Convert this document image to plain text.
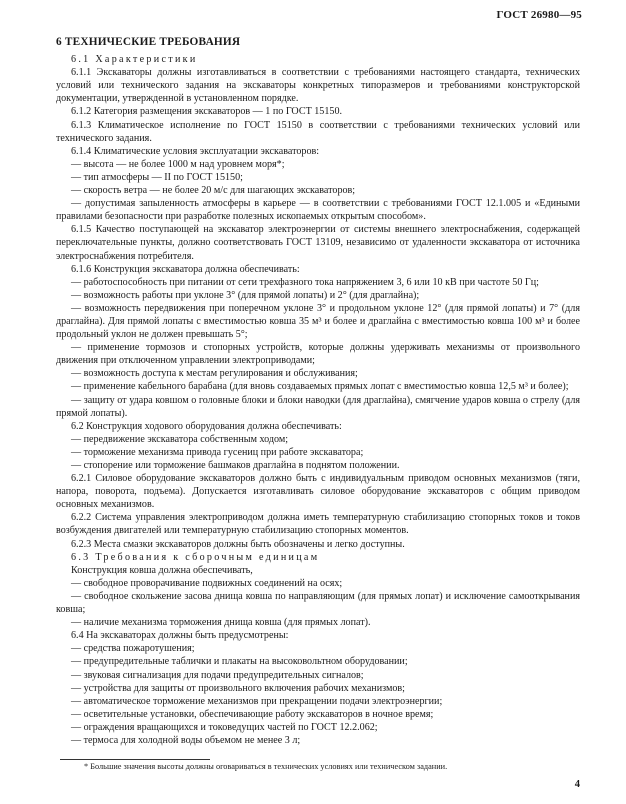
ГОСТ 26980—95
6 ТЕХНИЧЕСКИЕ ТРЕБОВАНИЯ

6.1 Характеристики

6.1.1 Экскаваторы должны изготавливаться в соответствии с требованиями настоящего стандарта, технических условий или технического задания на экскаваторы конкретных типоразмеров и требованиями конструкторской документации, утвержденной в установленном порядке.

6.1.2 Категория размещения экскаваторов — 1 по ГОСТ 15150.

6.1.3 Климатическое исполнение по ГОСТ 15150 в соответствии с требованиями технических условий или технического задания.

6.1.4 Климатические условия эксплуатации экскаваторов:

— высота — не более 1000 м над уровнем моря*;

— тип атмосферы — II по ГОСТ 15150;

— скорость ветра — не более 20 м/с для шагающих экскаваторов;

— допустимая запыленность атмосферы в карьере — в соответствии с требованиями ГОСТ 12.1.005 и «Едиными правилами безопасности при разработке полезных ископаемых открытым способом».

6.1.5 Качество поступающей на экскаватор электроэнергии от системы внешнего электроснабжения, содержащей переключательные пункты, должно соответствовать ГОСТ 13109, независимо от удаленности экскаватора от источника электроснабжения потребителя.

6.1.6 Конструкция экскаватора должна обеспечивать:

— работоспособность при питании от сети трехфазного тока напряжением 3, 6 или 10 кВ при частоте 50 Гц;

— возможность работы при уклоне 3° (для прямой лопаты) и 2° (для драглайна);

— возможность передвижения при поперечном уклоне 3° и продольном уклоне 12° (для прямой лопаты) и 7° (для драглайна). Для прямой лопаты с вместимостью ковша 35 м³ и более и драглайна с вместимостью ковша 100 м³ и более продольный уклон не должен превышать 5°;

— применение тормозов и стопорных устройств, которые должны удерживать механизмы от произвольного движения при отключенном управлении электроприводами;

— возможность доступа к местам регулирования и обслуживания;

— применение кабельного барабана (для вновь создаваемых прямых лопат с вместимостью ковша 12,5 м³ и более);

— защиту от удара ковшом о головные блоки и блоки наводки (для драглайна), смягчение ударов ковша о стрелу (для прямой лопаты).

6.2 Конструкция ходового оборудования должна обеспечивать:

— передвижение экскаватора собственным ходом;

— торможение механизма привода гусениц при работе экскаватора;

— стопорение или торможение башмаков драглайна в поднятом положении.

6.2.1 Силовое оборудование экскаваторов должно быть с индивидуальным приводом основных механизмов (тяги, напора, поворота, подъема). Допускается изготавливать силовое оборудование экскаваторов с общим приводом основных механизмов.

6.2.2 Система управления электроприводом должна иметь температурную стабилизацию стопорных токов и токов возбуждения двигателей или температурную стабилизацию стопорных моментов.

6.2.3 Места смазки экскаваторов должны быть обозначены и легко доступны.

6.3 Требования к сборочным единицам

Конструкция ковша должна обеспечивать,

— свободное проворачивание подвижных соединений на осях;

— свободное скольжение засова днища ковша по направляющим (для прямых лопат) и исключение самооткрывания ковша;

— наличие механизма торможения днища ковша (для прямых лопат).

6.4 На экскаваторах должны быть предусмотрены:

— средства пожаротушения;

— предупредительные таблички и плакаты на высоковольтном оборудовании;

— звуковая сигнализация для подачи предупредительных сигналов;

— устройства для защиты от произвольного включения рабочих механизмов;

— автоматическое торможение механизмов при прекращении подачи электроэнергии;

— осветительные установки, обеспечивающие работу экскаваторов в ночное время;

— ограждения вращающихся и токоведущих частей по ГОСТ 12.2.062;

— термоса для холодной воды объемом не менее 3 л;

* Большие значения высоты должны оговариваться в технических условиях или техническом задании.
4
